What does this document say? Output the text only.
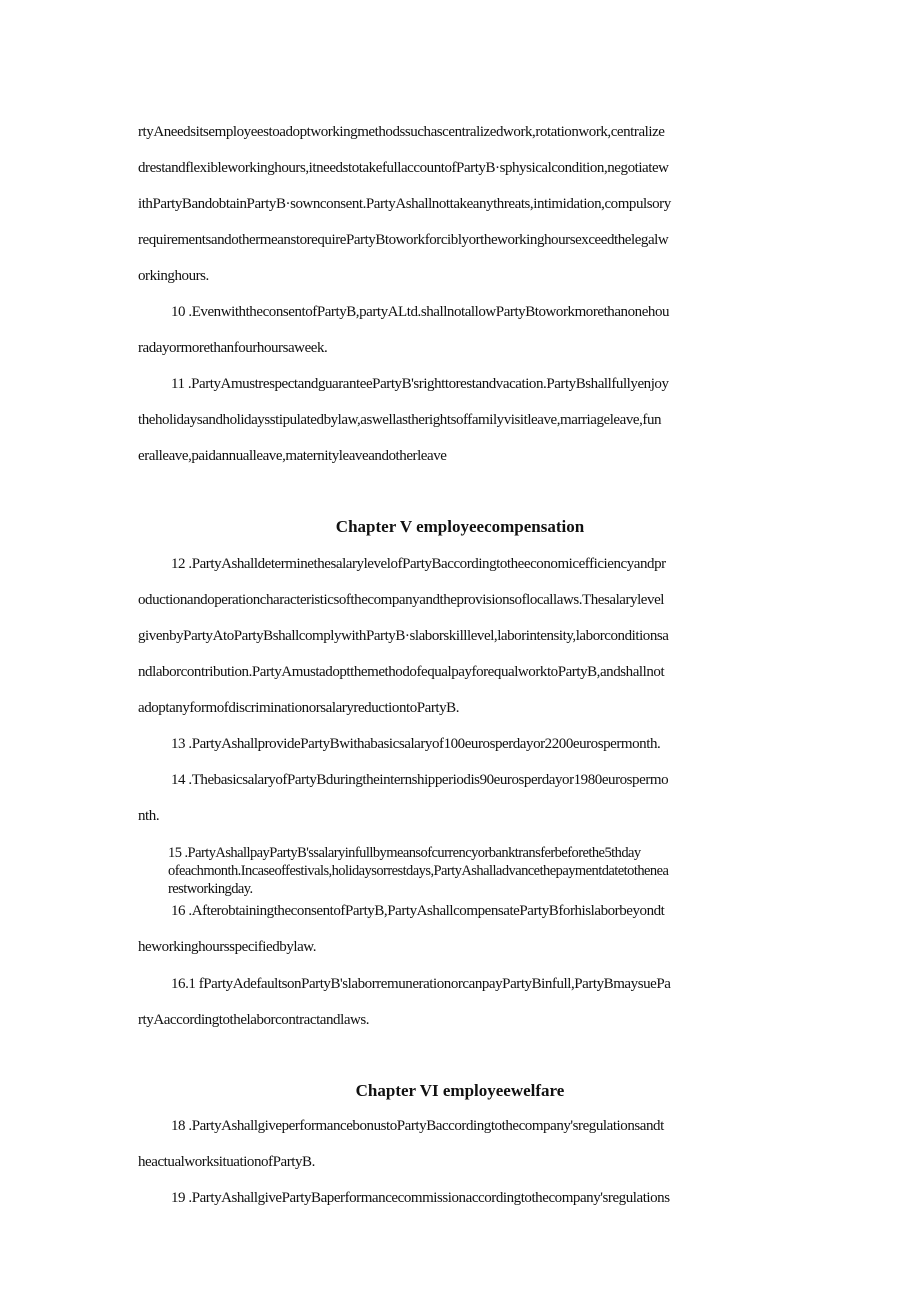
rtyAneedsitsemployeestoadoptworkingmethodssuchascentralizedwork,rotationwork,centralize
drestandflexibleworkinghours,itneedstotakefullaccountofPartyB·sphysicalcondition,negotiatew
ithPartyBandobtainPartyB·sownconsent.PartyAshallnottakeanythreats,intimidation,compulsory
requirementsandothermeanstorequirePartyBtoworkforciblyortheworkinghoursexceedthelegalw
orkinghours.
10 .EvenwiththeconsentofPartyB,partyALtd.shallnotallowPartyBtoworkmorethanonehou
radayormorethanfourhoursaweek.
11 .PartyAmustrespectandguaranteePartyB'srighttorestandvacation.PartyBshallfullyenjoy
theholidaysandholidaysstipulatedbylaw,aswellastherightsoffamilyvisitleave,marriageleave,fun
eralleave,paidannualleave,maternityleaveandotherleave
Chapter V employeecompensation
12 .PartyAshalldeterminethesalarylevelofPartyBaccordingtotheeconomicefficiencyandpr
oductionandoperationcharacteristicsofthecompanyandtheprovisionsoflocallaws.Thesalarylevel
givenbyPartyAtoPartyBshallcomplywithPartyB·slaborskilllevel,laborintensity,laborconditionsa
ndlaborcontribution.PartyAmustadoptthemethodofequalpayforequalworktoPartyB,andshallnot
adoptanyformofdiscriminationorsalaryreductiontoPartyB.
13 .PartyAshallprovidePartyBwithabasicsalaryof100eurosperdayor2200eurospermonth.
14 .ThebasicsalaryofPartyBduringtheinternshipperiodis90eurosperdayor1980eurospermo
nth.
15 .PartyAshallpayPartyB'ssalaryinfullbymeansofcurrencyorbanktransferbeforethe5thday
ofeachmonth.Incaseoffestivals,holidaysorrestdays,PartyAshalladvancethepaymentdatetothenea
restworkingday.
16 .AfterobtainingtheconsentofPartyB,PartyAshallcompensatePartyBforhislaborbeyondt
heworkinghoursspecifiedbylaw.
16.1 fPartyAdefaultsonPartyB'slaborremunerationorcanpayPartyBinfull,PartyBmaysuePa
rtyAaccordingtothelaborcontractandlaws.
Chapter VI employeewelfare
18 .PartyAshallgiveperformancebonustoPartyBaccordingtothecompany'sregulationsandt
heactualworksituationofPartyB.
19 .PartyAshallgivePartyBaperformancecommissionaccordingtothecompany'sregulations
